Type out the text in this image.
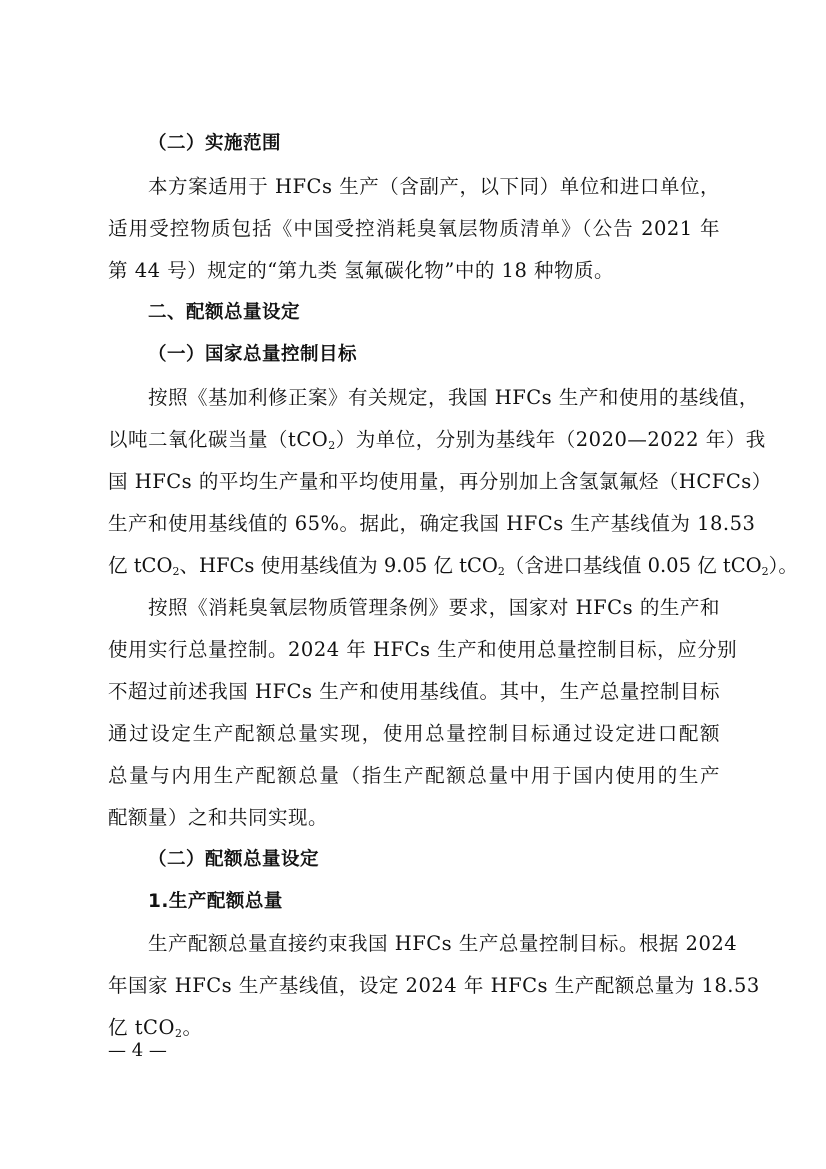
（二）实施范围
本方案适用于 HFCs 生产（含副产，以下同）单位和进口单位，
适用受控物质包括《中国受控消耗臭氧层物质清单》（公告 2021 年
第 44 号）规定的“第九类 氢氟碳化物”中的 18 种物质。
二、配额总量设定
（一）国家总量控制目标
按照《基加利修正案》有关规定，我国 HFCs 生产和使用的基线值，
以吨二氧化碳当量（tCO$_2$）为单位，分别为基线年（2020—2022 年）我
国 HFCs 的平均生产量和平均使用量，再分别加上含氢氯氟烃（HCFCs）
生产和使用基线值的 65%。据此，确定我国 HFCs 生产基线值为 18.53
亿 tCO$_2$、HFCs 使用基线值为 9.05 亿 tCO$_2$（含进口基线值 0.05 亿 tCO$_2$）。
按照《消耗臭氧层物质管理条例》要求，国家对 HFCs 的生产和
使用实行总量控制。2024 年 HFCs 生产和使用总量控制目标，应分别
不超过前述我国 HFCs 生产和使用基线值。其中，生产总量控制目标
通过设定生产配额总量实现，使用总量控制目标通过设定进口配额
总量与内用生产配额总量（指生产配额总量中用于国内使用的生产
配额量）之和共同实现。
（二）配额总量设定
1.生产配额总量
生产配额总量直接约束我国 HFCs 生产总量控制目标。根据 2024
年国家 HFCs 生产基线值，设定 2024 年 HFCs 生产配额总量为 18.53
亿 tCO$_2$。
— 4 —
